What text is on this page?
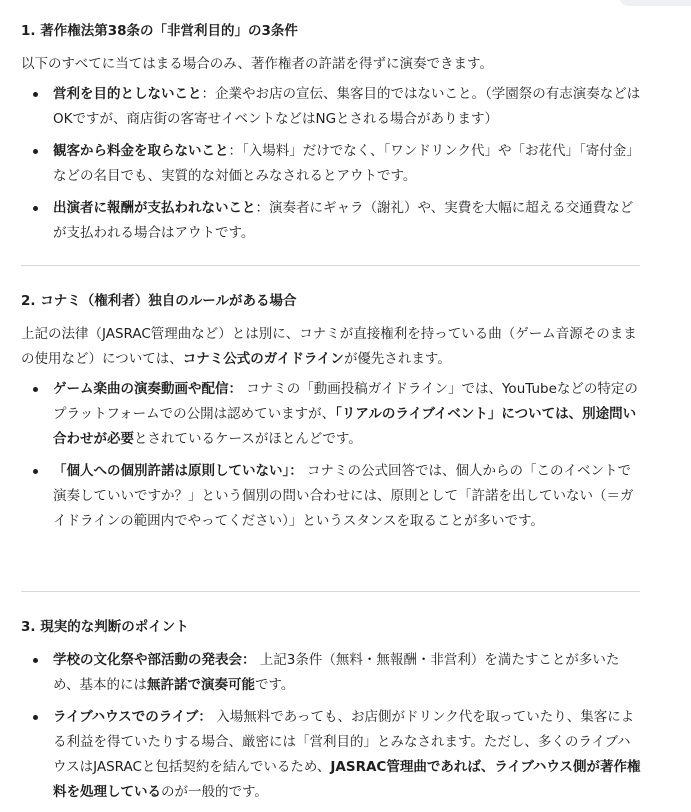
1. 著作権法第38条の「非営利目的」の3条件

以下のすべてに当てはまる場合のみ、著作権者の許諾を得ずに演奏できます。

営利を目的としないこと：企業やお店の宣伝、集客目的ではないこと。（学園祭の有志演奏などはOKですが、商店街の客寄せイベントなどはNGとされる場合があります）
観客から料金を取らないこと：「入場料」だけでなく、「ワンドリンク代」や「お花代」「寄付金」などの名目でも、実質的な対価とみなされるとアウトです。
出演者に報酬が支払われないこと：演奏者にギャラ（謝礼）や、実費を大幅に超える交通費などが支払われる場合はアウトです。
2. コナミ（権利者）独自のルールがある場合

上記の法律（JASRAC管理曲など）とは別に、コナミが直接権利を持っている曲（ゲーム音源そのままの使用など）については、コナミ公式のガイドラインが優先されます。

ゲーム楽曲の演奏動画や配信： コナミの「動画投稿ガイドライン」では、YouTubeなどの特定のプラットフォームでの公開は認めていますが、「リアルのライブイベント」については、別途問い合わせが必要とされているケースがほとんどです。
「個人への個別許諾は原則していない」： コナミの公式回答では、個人からの「このイベントで演奏していいですか？」という個別の問い合わせには、原則として「許諾を出していない（＝ガイドラインの範囲内でやってください）」というスタンスを取ることが多いです。
3. 現実的な判断のポイント
学校の文化祭や部活動の発表会： 上記3条件（無料・無報酬・非営利）を満たすことが多いため、基本的には無許諾で演奏可能です。
ライブハウスでのライブ： 入場無料であっても、お店側がドリンク代を取っていたり、集客による利益を得ていたりする場合、厳密には「営利目的」とみなされます。ただし、多くのライブハウスはJASRACと包括契約を結んでいるため、JASRAC管理曲であれば、ライブハウス側が著作権料を処理しているのが一般的です。
